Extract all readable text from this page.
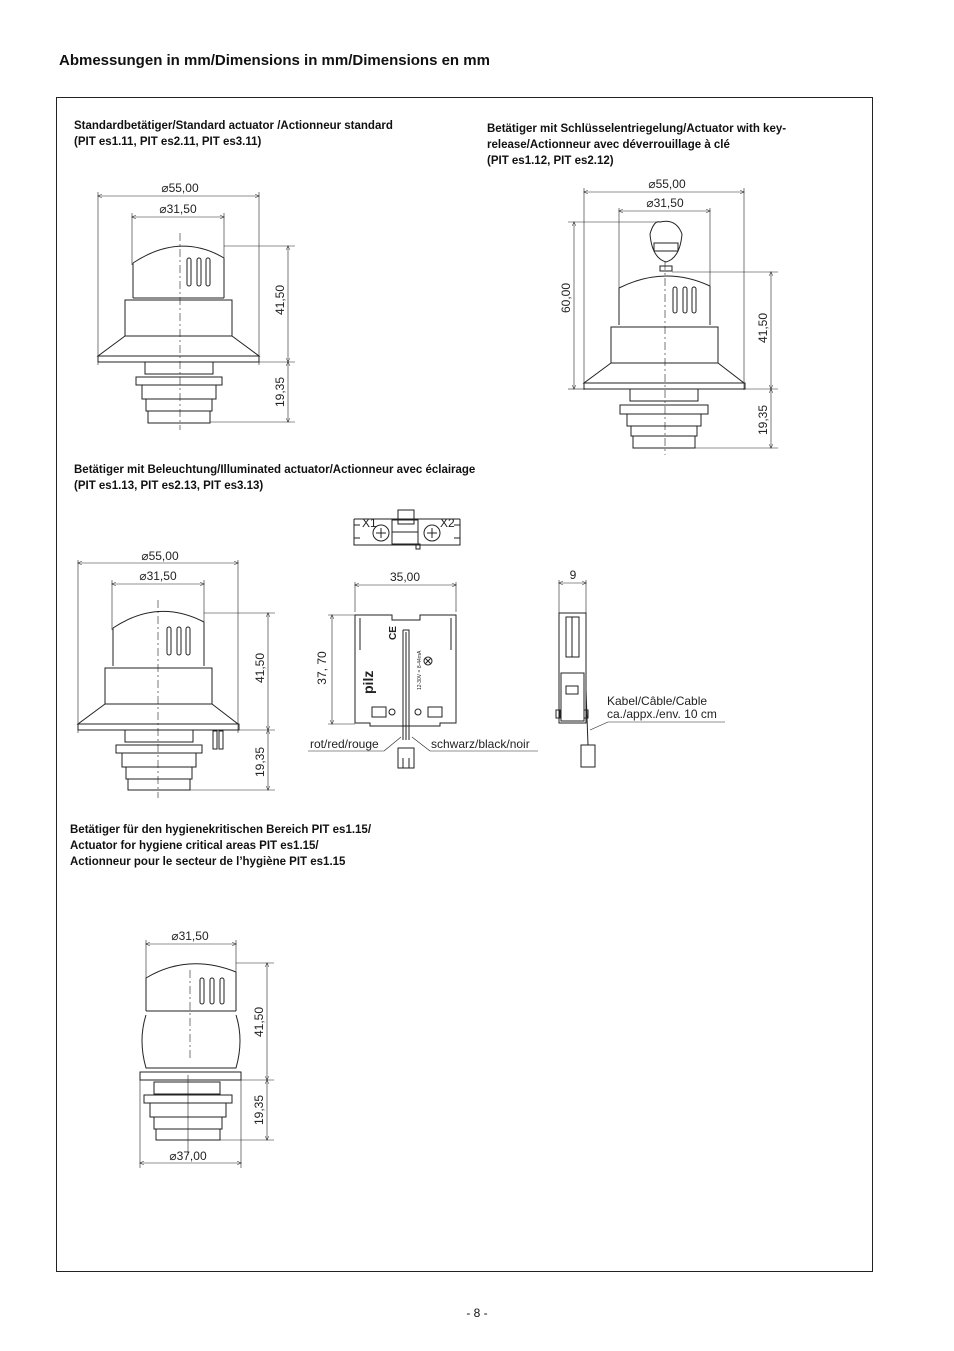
Abmessungen in mm/Dimensions in mm/Dimensions en mm
Standardbetätiger/Standard actuator /Actionneur standard
(PIT es1.11, PIT es2.11, PIT es3.11)
Betätiger mit Schlüsselentriegelung/Actuator with key-
release/Actionneur avec déverrouillage à clé
(PIT es1.12, PIT es2.12)
Betätiger mit Beleuchtung/Illuminated actuator/Actionneur avec éclairage
(PIT es1.13, PIT es2.13, PIT es3.13)
Betätiger für den hygienekritischen Bereich PIT es1.15/
Actuator for hygiene critical areas PIT es1.15/
Actionneur pour le secteur de l’hygiène PIT es1.15
⌀55,00
⌀31,50
41,50
19,35
⌀55,00
⌀31,50
60,00
41,50
19,35
⌀55,00
⌀31,50
41,50
19,35
X1	X2
35,00
37, 70 pilz
CE
12-30V = 8-44mA
rot/red/rouge	schwarz/black/noir
9
Kabel/Câble/Cable
ca./appx./env. 10 cm
⌀31,50
41,50
19,35
⌀37,00
- 8 -
